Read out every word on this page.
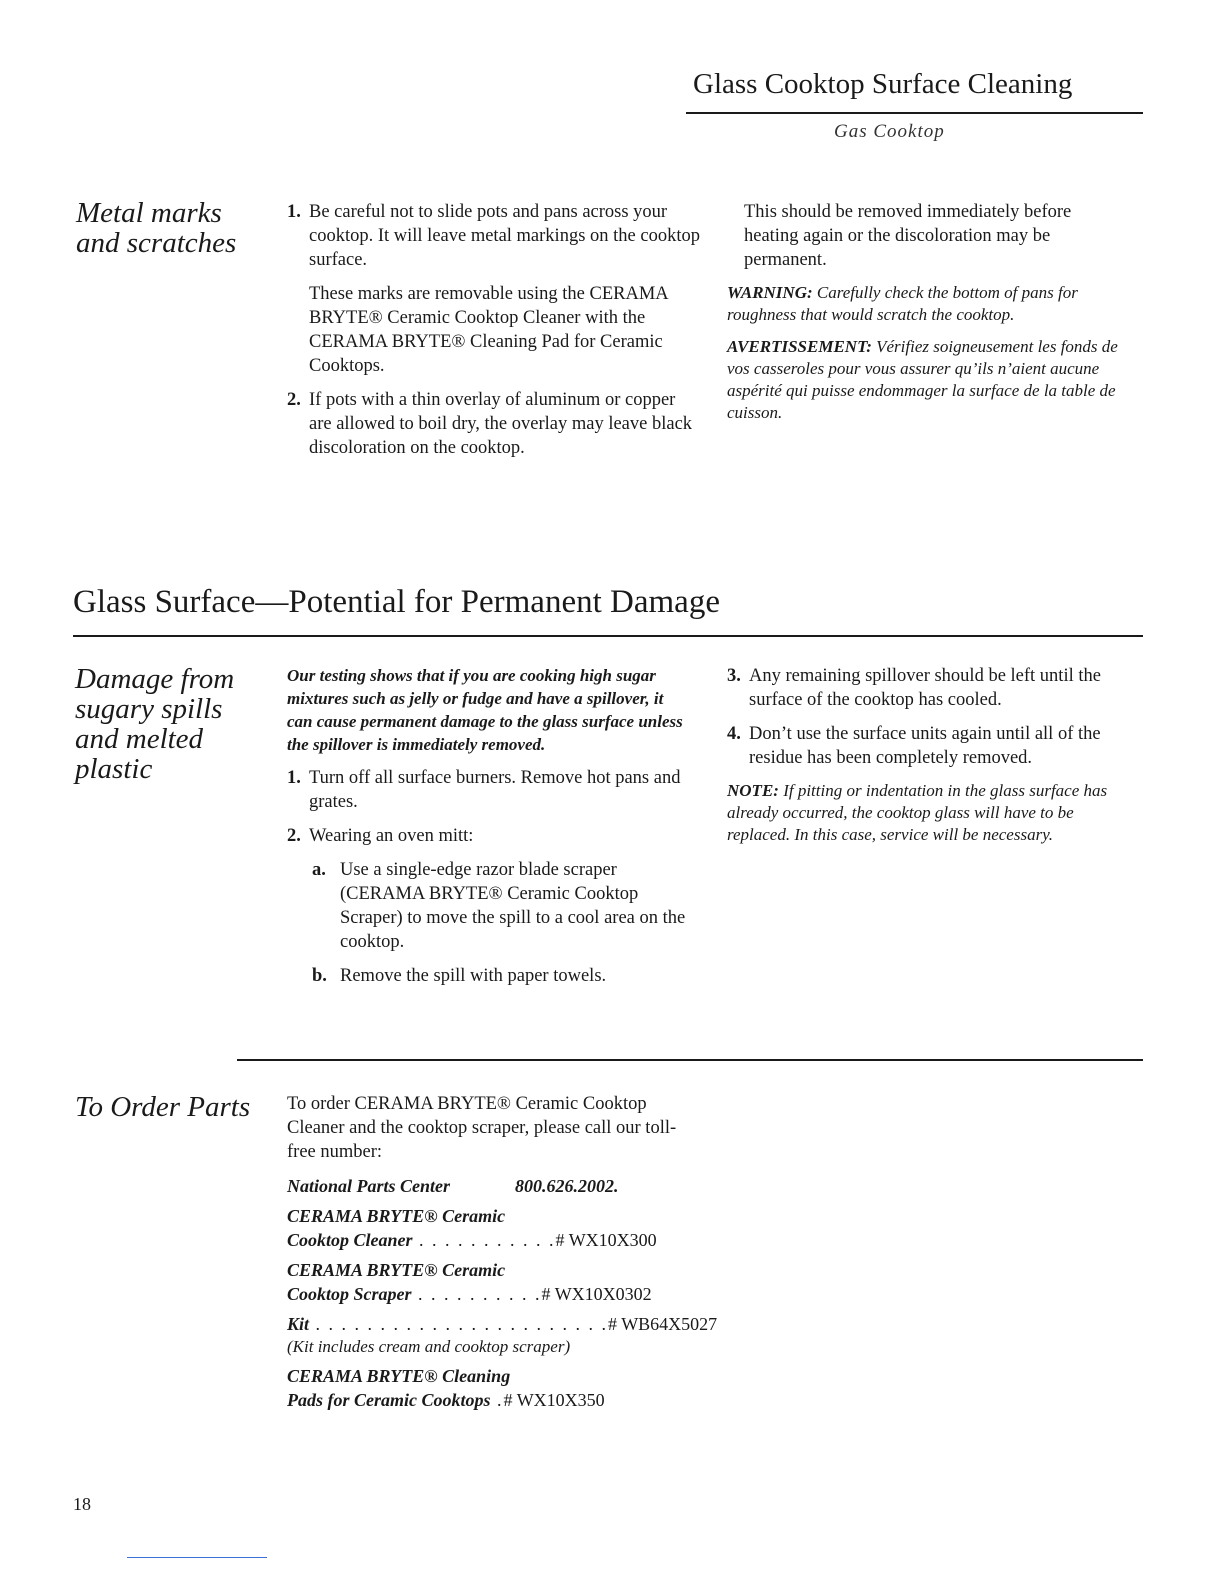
Glass Cooktop Surface Cleaning
Gas Cooktop
Metal marks
and scratches
1. Be careful not to slide pots and pans across your cooktop. It will leave metal markings on the cooktop surface.
These marks are removable using the CERAMA BRYTE® Ceramic Cooktop Cleaner with the CERAMA BRYTE® Cleaning Pad for Ceramic Cooktops.
2. If pots with a thin overlay of aluminum or copper are allowed to boil dry, the overlay may leave black discoloration on the cooktop.
This should be removed immediately before heating again or the discoloration may be permanent.
WARNING: Carefully check the bottom of pans for roughness that would scratch the cooktop.
AVERTISSEMENT: Vérifiez soigneusement les fonds de vos casseroles pour vous assurer qu’ils n’aient aucune aspérité qui puisse endommager la surface de la table de cuisson.
Glass Surface—Potential for Permanent Damage
Damage from
sugary spills
and melted
plastic
Our testing shows that if you are cooking high sugar mixtures such as jelly or fudge and have a spillover, it can cause permanent damage to the glass surface unless the spillover is immediately removed.
1. Turn off all surface burners. Remove hot pans and grates.
2. Wearing an oven mitt:
a. Use a single-edge razor blade scraper (CERAMA BRYTE® Ceramic Cooktop Scraper) to move the spill to a cool area on the cooktop.
b. Remove the spill with paper towels.
3. Any remaining spillover should be left until the surface of the cooktop has cooled.
4. Don’t use the surface units again until all of the residue has been completely removed.
NOTE: If pitting or indentation in the glass surface has already occurred, the cooktop glass will have to be replaced. In this case, service will be necessary.
To Order Parts To order CERAMA BRYTE® Ceramic Cooktop Cleaner and the cooktop scraper, please call our toll-free number:
National Parts Center	800.626.2002.
CERAMA BRYTE® Ceramic
Cooktop Cleaner . . . . . . . . . . .# WX10X300
CERAMA BRYTE® Ceramic
Cooktop Scraper . . . . . . . . . .# WX10X0302
Kit . . . . . . . . . . . . . . . . . . . . . . .# WB64X5027
(Kit includes cream and cooktop scraper)
CERAMA BRYTE® Cleaning
Pads for Ceramic Cooktops .# WX10X350
18
